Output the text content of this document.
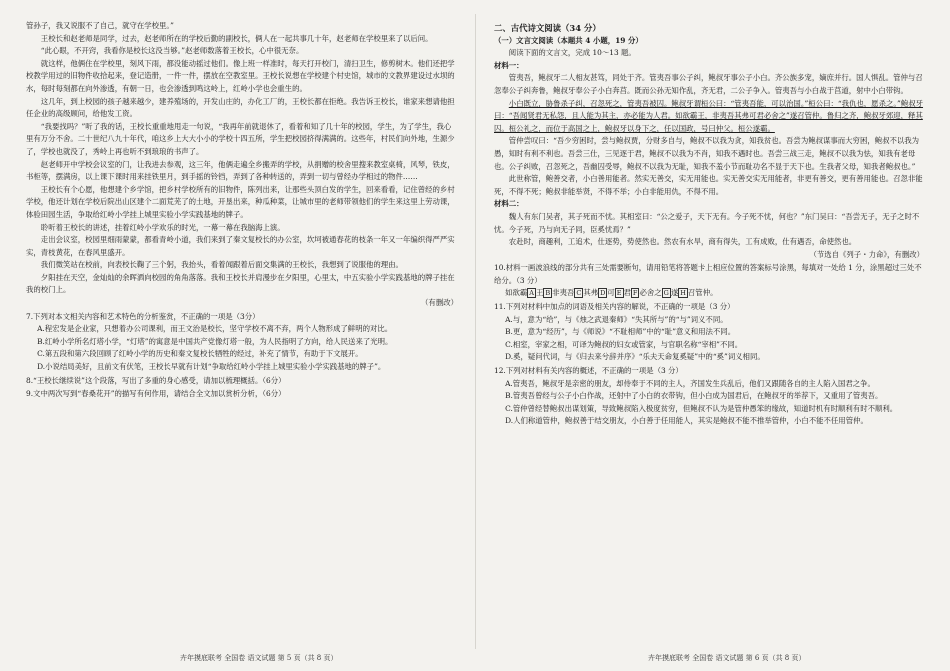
管孙子，我又说服不了自己，就守在学校里。”

王校长和赵老师是同学，过去，赵老师所在的学校后勤的副校长，俩人在一起共事几十年，赵老师在学校里来了以后问。

“此心眼，不开窍，我看你是校长这没当够。”赵老师数落着王校长，心中很无奈。

就这样，他俩住在学校里，刻风下雨，都没能动摇过他们。像上班一样准时，每天打开校门，清扫卫生，修剪树木。他们还把学校教学用过的旧物件收拾起来，登记造册，一件一件，摆放在空教室里。王校长说想在学校建个村史馆，城市的文教界建设过水坝的水，每时每刻都在向外渗透，有朝一日，也会渗透到鸣这岭上，红岭小学也会重生的。

这几年，到上校园的孩子越来越少，建养殖场的，开发山庄的，办化工厂的，王校长都在拒绝。我告诉王校长，谁家来想请他担任企业的高级顾问，给他发工资。

“我要找吗？”听了我的话，王校长重重地甩走一句说，“我再年前就退休了，看着和知了几十年的校园，学生，为了学生，我心里有万分不舍。二十世纪八九十年代，咱这乡上大大小小的学校十四五所，学生把校园挤得满满的。这些年，村民们向外地，生源少了，学校也就没了，秀岭上再也听不到琅琅的书声了。

赵老师开中学校会议室的门，让我进去参观，这三年，他俩走遍全乡搬弄的学校，从捐赠的校舍里搜来教室桌椅，风琴，铁皮，书柜等，摆满房，以上课下课时用来挂铁里月，到手摇的铃铛，弄到了各种转送的，弄到一切与曾经办学相过的物件……

王校长有个心愿，他想建个乡学馆，把乡村学校所有的旧物件，陈列出来，让那些头顶白发的学生，回来看看，记住曾经的乡村学校，他还计划在学校后院出山区建个二面荒芜了的土地，开垦出来，种瓜种菜，让城市里的老师带领他们的学生来这里上劳动课，体验田园生活，争取给红岭小学挂上城里实验小学实践基地的牌子。

聆听着王校长的讲述，挂着红岭小学欢乐的时光，一幕一幕在我脑海上演。

走出会议室，校园里细雨蒙蒙，都看青岭小道，我们来到了秦文复校长的办公室，坎坷被通春花的枝条一年又一年编织得严严实实，青枝黄花，在春风里盛开。

我们微笑站在校前，向表校长鞠了三个躬，我抬头，看着闻跟着后面交集满的王校长，我想到了说服他的理由。

夕阳挂在天空，金灿灿的余晖洒向校园的角角落落。我和王校长并肩漫步在夕阳里，心里太，中五实验小学实践基地的牌子挂在我的校门上。

（有删改）

7.下列对本文相关内容和艺术特色的分析鉴赏，不正确的一项是（3分）

A.程宏发是企业家，只想着办公司课利，而王文治是校长，坚守学校不离不弃，两个人物形成了鲜明的对比。

B.红岭小学所名灯塔小学，“灯塔”的寓意是中国共产党像灯塔一般，为人民指明了方向，给人民送来了光明。

C.第五段和第六段回顾了红岭小学的历史和秦文复校长牺牲的经过，补充了情节，有助于下文展开。

D.小说结局美好，且前文有伏笔，王校长早就有计划“争取给红岭小学挂上城里实验小学实践基地的牌子”。

8.“王校长继续说”这个段落，写出了多重的身心感受，请加以梳理概括。（6分）

9.文中两次写到“春桑花开”的描写有何作用，请结合全文加以赏析分析，（6分）

二、古代诗文阅读（34 分）

（一）文言文阅读（本题共 4 小题，19 分）

阅读下面的文言文，完成 10～13 题。

材料一：

管夷吾，鲍叔牙二人相友甚笃，同处于齐。管夷吾事公子纠，鲍叔牙事公子小白。齐公族多宠，嫡庶并行。国人惧乱。管仲与召忽奉公子纠奔鲁，鲍叔牙奉公子小白奔莒。既而公孙无知作乱，齐无君，二公子争入。管夷吾与小白战于莒道，射中小白带钩。

小白既立，胁鲁杀子纠，召忽死之，管夷吾被囚。鲍叔牙谓桓公曰：“管夷吾能，可以治国。”桓公曰：“我仇也，愿杀之。”鲍叔牙曰：“吾闻贤君无私怨，且人能为其主，亦必能为人君。如欲霸王，非夷吾其弗可君必舍之”遂召管仲。鲁归之齐，鲍叔牙郊迎，释其囚。桓公礼之，而位于高国之上，鲍叔牙以身下之，任以国政，号曰仲父。桓公遂霸。

管仲尝叹曰：“吾少穷困时，尝与鲍叔贾，分财多自与，鲍叔不以我为贪，知我贫也。吾尝为鲍叔谋事而大穷困，鲍叔不以我为愚，知时有利不利也。吾尝三仕，三见逐于君，鲍叔不以我为不肖，知我不遇时也。吾尝三战三走，鲍叔不以我为怯，知我有老母也。公子纠败，召忽死之，吾幽囚受辱，鲍叔不以我为无耻，知我不羞小节而耻功名不显于天下也。生我者父母，知我者鲍叔也。”

此世称管，鲍善交者，小白善用能者。然实无善交，实无用能也。实无善交实无用能者，非更有善交，更有善用能也。召忽非能死，不得不死；鲍叔非能举贤，不得不举；小白非能用仇，不得不用。

材料二：

魏人有东门吴者，其子死而不忧。其相室曰：“公之爱子，天下无有。今子死不忧，何也？”东门吴曰：“吾尝无子，无子之时不忧。今子死，乃与向无子同，臣奚忧焉？”

农赴时，商趣利，工追术，仕逐势，势使然也。然农有水旱，商有得失，工有成败，仕有遇否，命使然也。

（节选自《列子・力命》，有删改）

10.材料一画波浪线的部分共有三处需要断句，请用铅笔将答题卡上相应位置的答案标号涂黑，每填对一处给 1 分，涂黑超过三处不给分。（3 分）

如欲霸 A 王 B 非夷吾 C 其弗 D 可 E 君 F 必舍之 G 遂 H 召管仲。

11.下列对材料中加点的词语及相关内容的解说，不正确的一项是（3 分）

A.与，意为“给”，与《烛之武退秦师》“失其所与”的“与”词义不同。

B.更，意为“经历”，与《师说》“不耻相师”中的“耻”意义和用法不同。

C.相室，宰家之相，可译为鲍叔的妇女或管家，与官职名称“宰相”不同。

D.奚，疑问代词，与《归去来兮辞并序》“乐夫天命复奚疑”中的“奚”词义相同。

12.下列对材料有关内容的概述，不正确的一项是（3 分）

A.管夷吾，鲍叔牙是亲密的朋友，却侍奉于不同的主人，齐国发生兵乱后，他们又跟随各自的主人陷入国君之争。

B.管夷吾曾经与公子小白作战，还射中了小白的衣带钩，但小白成为国君后，在鲍叔牙的举荐下，又重用了管夷吾。

C.管仲曾经替鲍叔出谋划策，导致鲍叔陷入极度贫穷，但鲍叔不认为是管仲愚笨的缘故，知道时机有时顺利有时不顺利。

D.人们称道管仲，鲍叔善于结交朋友，小白善于任用能人，其实是鲍叔不能不推举管仲，小白不能不任用管仲。

卉年摸底联考 全国卷 语文试题 第 5 页（共 8 页）	卉年摸底联考 全国卷 语文试题 第 6 页（共 8 页）
